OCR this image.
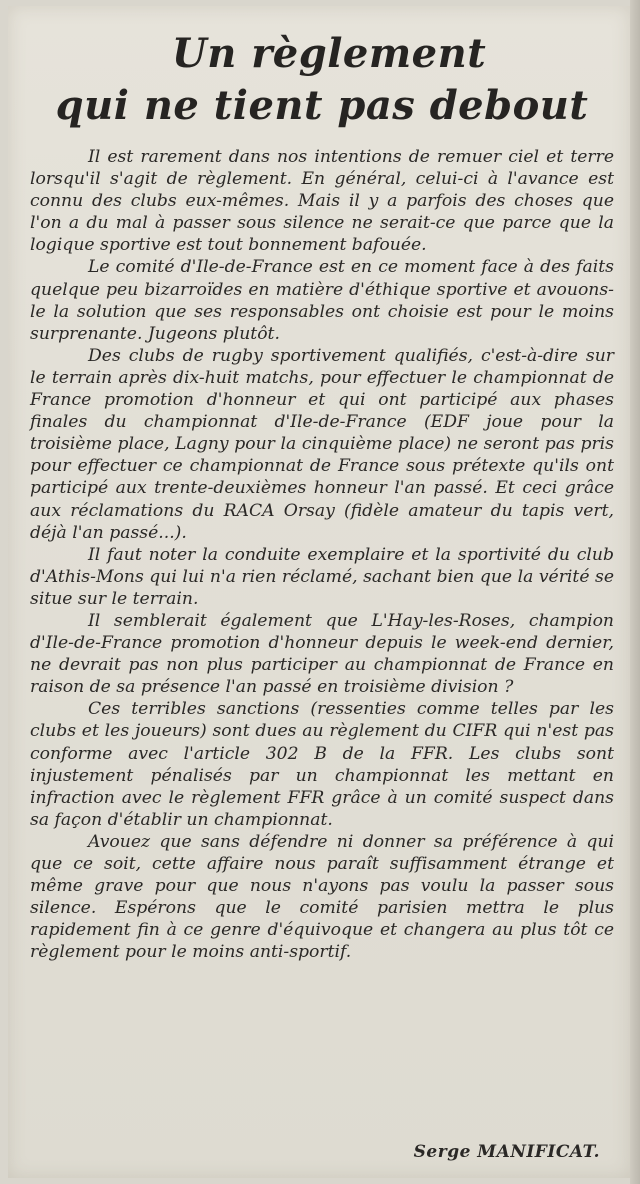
Un règlement
qui ne tient pas debout

Il est rarement dans nos intentions de remuer ciel et terre lorsqu'il s'agit de règlement. En général, celui-ci à l'avance est connu des clubs eux-mêmes. Mais il y a parfois des choses que l'on a du mal à passer sous silence ne serait-ce que parce que la logique sportive est tout bonnement bafouée.

Le comité d'Ile-de-France est en ce moment face à des faits quelque peu bizarroïdes en matière d'éthique sportive et avouons-le la solution que ses responsables ont choisie est pour le moins surprenante. Jugeons plutôt.

Des clubs de rugby sportivement qualifiés, c'est-à-dire sur le terrain après dix-huit matchs, pour effectuer le championnat de France promotion d'honneur et qui ont participé aux phases finales du championnat d'Ile-de-France (EDF joue pour la troisième place, Lagny pour la cinquième place) ne seront pas pris pour effectuer ce championnat de France sous prétexte qu'ils ont participé aux trente-deuxièmes honneur l'an passé. Et ceci grâce aux réclamations du RACA Orsay (fidèle amateur du tapis vert, déjà l'an passé...).

Il faut noter la conduite exemplaire et la sportivité du club d'Athis-Mons qui lui n'a rien réclamé, sachant bien que la vérité se situe sur le terrain.

Il semblerait également que L'Hay-les-Roses, champion d'Ile-de-France promotion d'honneur depuis le week-end dernier, ne devrait pas non plus participer au championnat de France en raison de sa présence l'an passé en troisième division ?

Ces terribles sanctions (ressenties comme telles par les clubs et les joueurs) sont dues au règlement du CIFR qui n'est pas conforme avec l'article 302 B de la FFR. Les clubs sont injustement pénalisés par un championnat les mettant en infraction avec le règlement FFR grâce à un comité suspect dans sa façon d'établir un championnat.

Avouez que sans défendre ni donner sa préférence à qui que ce soit, cette affaire nous paraît suffisamment étrange et même grave pour que nous n'ayons pas voulu la passer sous silence. Espérons que le comité parisien mettra le plus rapidement fin à ce genre d'équivoque et changera au plus tôt ce règlement pour le moins anti-sportif.

Serge MANIFICAT.
